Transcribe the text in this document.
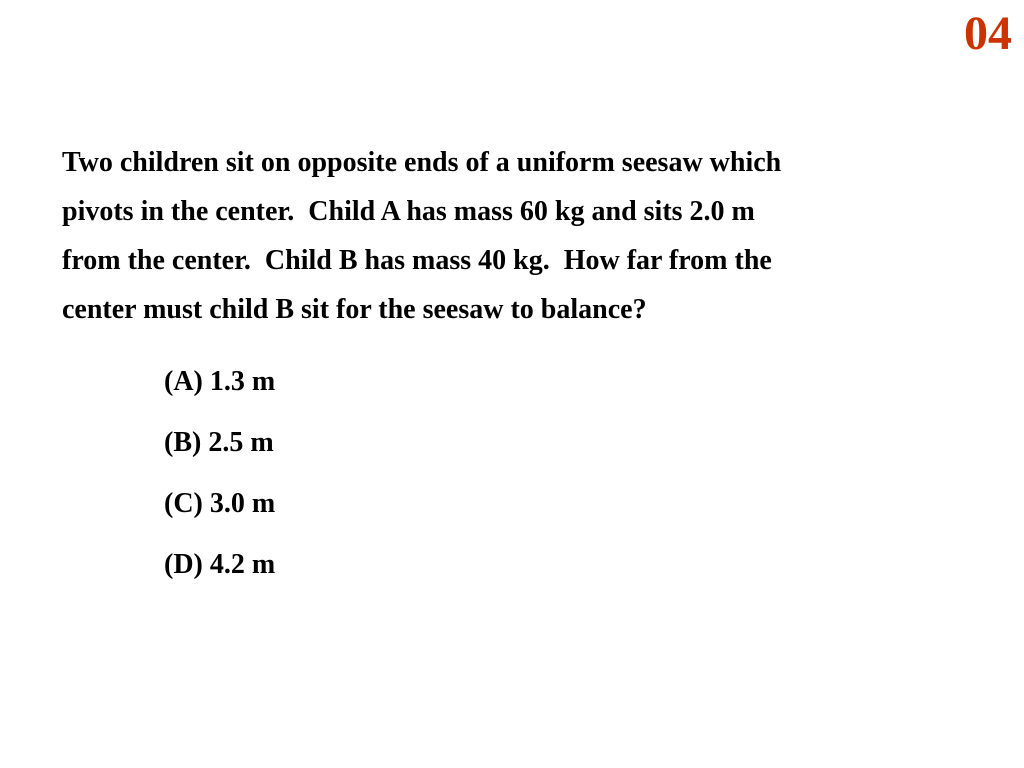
04

Two children sit on opposite ends of a uniform seesaw which
pivots in the center.  Child A has mass 60 kg and sits 2.0 m
from the center.  Child B has mass 40 kg.  How far from the
center must child B sit for the seesaw to balance?

(A) 1.3 m
(B) 2.5 m
(C) 3.0 m
(D) 4.2 m
